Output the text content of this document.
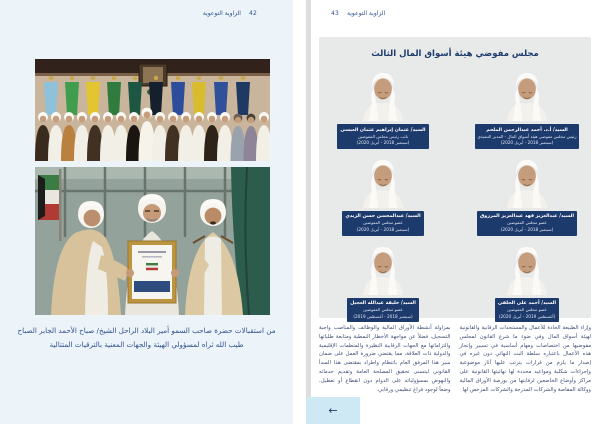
الزاوية التوعوية 42
من استقبالات حضرة صاحب السمو أمير البلاد الراحل الشيخ/ صباح الأحمد الجابر الصباح
طيب الله ثراه لمسؤولي الهيئة والجهات المعنية بالترقيات المتتالية
43 الزاوية التوعوية
مجلس مفوضي هيئة أسواق المال الثالث
السيد/ أ.د. أحمد عبدالرحمن الملحم
رئيس مجلس مفوضي هيئة أسواق المال - المدير التنفيذي
(سبتمبر 2018 - أبريل 2020)
السيد/ عثمان إبراهيم عثمان العيسى
نائب رئيس مجلس المفوضين
(سبتمبر 2018 - أبريل 2020)
السيد/ عبدالعزيز فهد عبدالعزيز المرزوق
عضو مجلس المفوضين
(سبتمبر 2018 - أبريل 2020)
السيد/ عبدالمحسن حسن الزيدي
عضو مجلس المفوضين
(سبتمبر 2018 - أبريل 2020)
السيد/ أحمد علي الحلفي
عضو مجلس المفوضين
(أغسطس 2019 - أبريل 2020)
السيد/ خليفة عبدالله العجيل
عضو مجلس المفوضين
(سبتمبر 2018 - أغسطس 2019)
وإزاء الطبيعة الحادة للأعمال والمستجدات الرقابية والقانونية لهيئة أسواق المال وفي ضوء ما شرع القانون لمجلس مفوضيها من اختصاصات ومهام أساسية في تسيير وإنجاز هذه الأعمال باعتباره سلطة البت النهائي دون غيره في إصدار ما يلزم من قرارات يترتب عليها آثار موضوعية وإجراءات شكلية ومواعيد محددة لها نهائيتها القانونية على مراكز وأوضاع الخاضعين لرقابتها من بورصة الأوراق المالية ووكالة المقاصة والشركات المدرجة والشركات المرخص لها
بمزاولة أنشطة الأوراق المالية والوظائف والمناصب واجبة التسجيل، فضلاً عن مواجهة الأخطار النمطية ومتابعة طلباتها والتزاماتها مع الجهات الرقابية النظيرة والمنظمات الإقليمية والدولية ذات العلاقة، مما يقتضي ضرورة العمل على ضمان سير هذا المرفق العام بانتظام واطراد بمقتضى هذا المبدأ القانوني ليتسنى تحقيق المصلحة العامة وتقديم خدماته والنهوض بمسؤولياته على الدوام دون انقطاع أو تعطيل، وضعاً لوجود فراغ تنظيمي ورقابي.
←
